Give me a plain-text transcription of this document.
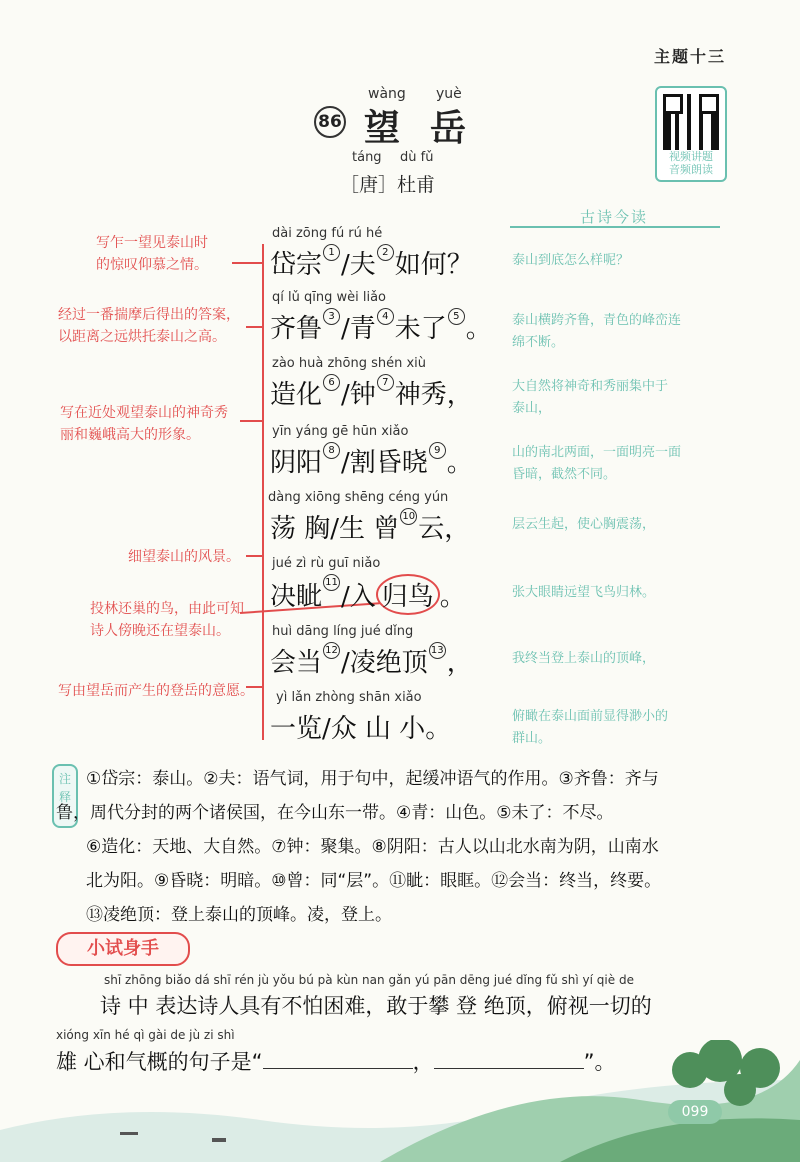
主题十三
视频讲题
音频朗读
86
wàng yuè
望 岳
táng dù fǔ
［唐］杜甫
古诗今读
写乍一望见泰山时
的惊叹仰慕之情。
经过一番揣摩后得出的答案，
以距离之远烘托泰山之高。
写在近处观望泰山的神奇秀
丽和巍峨高大的形象。
细望泰山的风景。
投林还巢的鸟，由此可知
诗人傍晚还在望泰山。
写由望岳而产生的登岳的意愿。
dài zōng fú rú hé
岱宗 1 /夫 2 如何？
qí lǔ qīng wèi liǎo
齐鲁 3 /青 4 未了 5 。
zào huà zhōng shén xiù
造化 6 /钟 7 神秀，
yīn yáng gē hūn xiǎo
阴阳 8 /割昏晓 9 。
dàng xiōng shēng céng yún
荡 胸/生 曾 10 云，
jué zì rù guī niǎo
决眦 11 /入 归鸟 。
huì dāng líng jué dǐng
会当 12 /凌绝顶 13 ，
yì lǎn zhòng shān xiǎo
一览/众 山 小。
泰山到底怎么样呢？
泰山横跨齐鲁，青色的峰峦连
绵不断。
大自然将神奇和秀丽集中于
泰山，
山的南北两面，一面明亮一面
昏暗，截然不同。
层云生起，使心胸震荡，
张大眼睛远望飞鸟归林。
我终当登上泰山的顶峰，
俯瞰在泰山面前显得渺小的
群山。
注释
①岱宗：泰山。②夫：语气词，用于句中，起缓冲语气的作用。③齐鲁：齐与
鲁，周代分封的两个诸侯国，在今山东一带。④青：山色。⑤未了：不尽。
⑥造化：天地、大自然。⑦钟：聚集。⑧阴阳：古人以山北水南为阴，山南水
北为阳。⑨昏晓：明暗。⑩曾：同“层”。⑪眦：眼眶。⑫会当：终当，终要。
⑬凌绝顶：登上泰山的顶峰。凌，登上。
小试身手
shī zhōng biǎo dá shī rén jù yǒu bú pà kùn nan gǎn yú pān dēng jué dǐng fǔ shì yí qiè de
诗 中 表达诗人具有不怕困难，敢于攀 登 绝顶，俯视一切的
xióng xīn hé qì gài de jù zi shì
雄 心和气概的句子是“	，	”。
099
